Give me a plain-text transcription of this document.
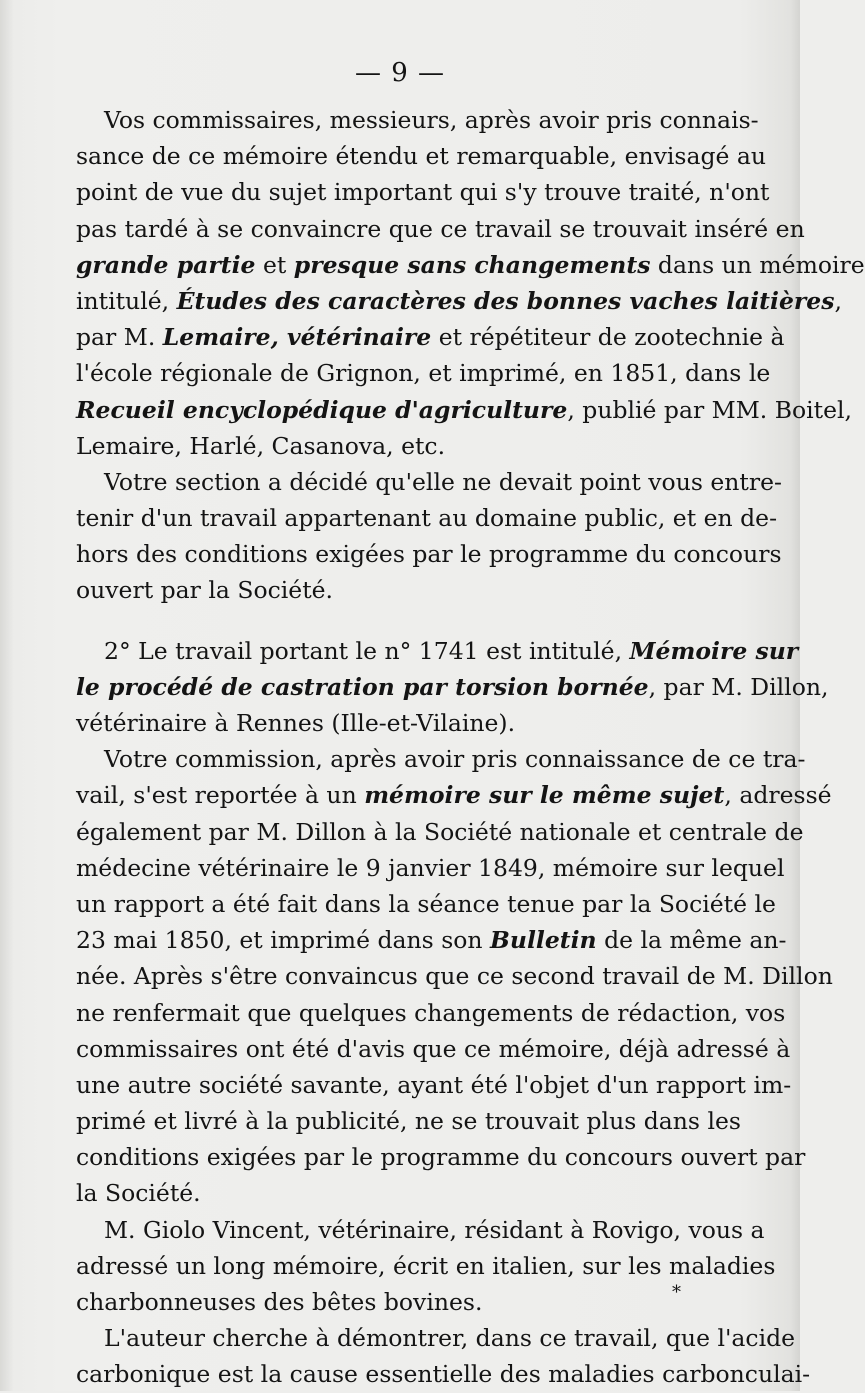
— 9 —
Vos commissaires, messieurs, après avoir pris connais-
sance de ce mémoire étendu et remarquable, envisagé au
point de vue du sujet important qui s'y trouve traité, n'ont
pas tardé à se convaincre que ce travail se trouvait inséré en
grande partie et presque sans changements dans un mémoire
intitulé, Études des caractères des bonnes vaches laitières,
par M. Lemaire, vétérinaire et répétiteur de zootechnie à
l'école régionale de Grignon, et imprimé, en 1851, dans le
Recueil encyclopédique d'agriculture, publié par MM. Boitel,
Lemaire, Harlé, Casanova, etc.
Votre section a décidé qu'elle ne devait point vous entre-
tenir d'un travail appartenant au domaine public, et en de-
hors des conditions exigées par le programme du concours
ouvert par la Société.
2° Le travail portant le n° 1741 est intitulé, Mémoire sur
le procédé de castration par torsion bornée, par M. Dillon,
vétérinaire à Rennes (Ille-et-Vilaine).
Votre commission, après avoir pris connaissance de ce tra-
vail, s'est reportée à un mémoire sur le même sujet, adressé
également par M. Dillon à la Société nationale et centrale de
médecine vétérinaire le 9 janvier 1849, mémoire sur lequel
un rapport a été fait dans la séance tenue par la Société le
23 mai 1850, et imprimé dans son Bulletin de la même an-
née. Après s'être convaincus que ce second travail de M. Dillon
ne renfermait que quelques changements de rédaction, vos
commissaires ont été d'avis que ce mémoire, déjà adressé à
une autre société savante, ayant été l'objet d'un rapport im-
primé et livré à la publicité, ne se trouvait plus dans les
conditions exigées par le programme du concours ouvert par
la Société.
M. Giolo Vincent, vétérinaire, résidant à Rovigo, vous a
adressé un long mémoire, écrit en italien, sur les maladies
charbonneuses des bêtes bovines.
L'auteur cherche à démontrer, dans ce travail, que l'acide
carbonique est la cause essentielle des maladies carbonculai-
*
